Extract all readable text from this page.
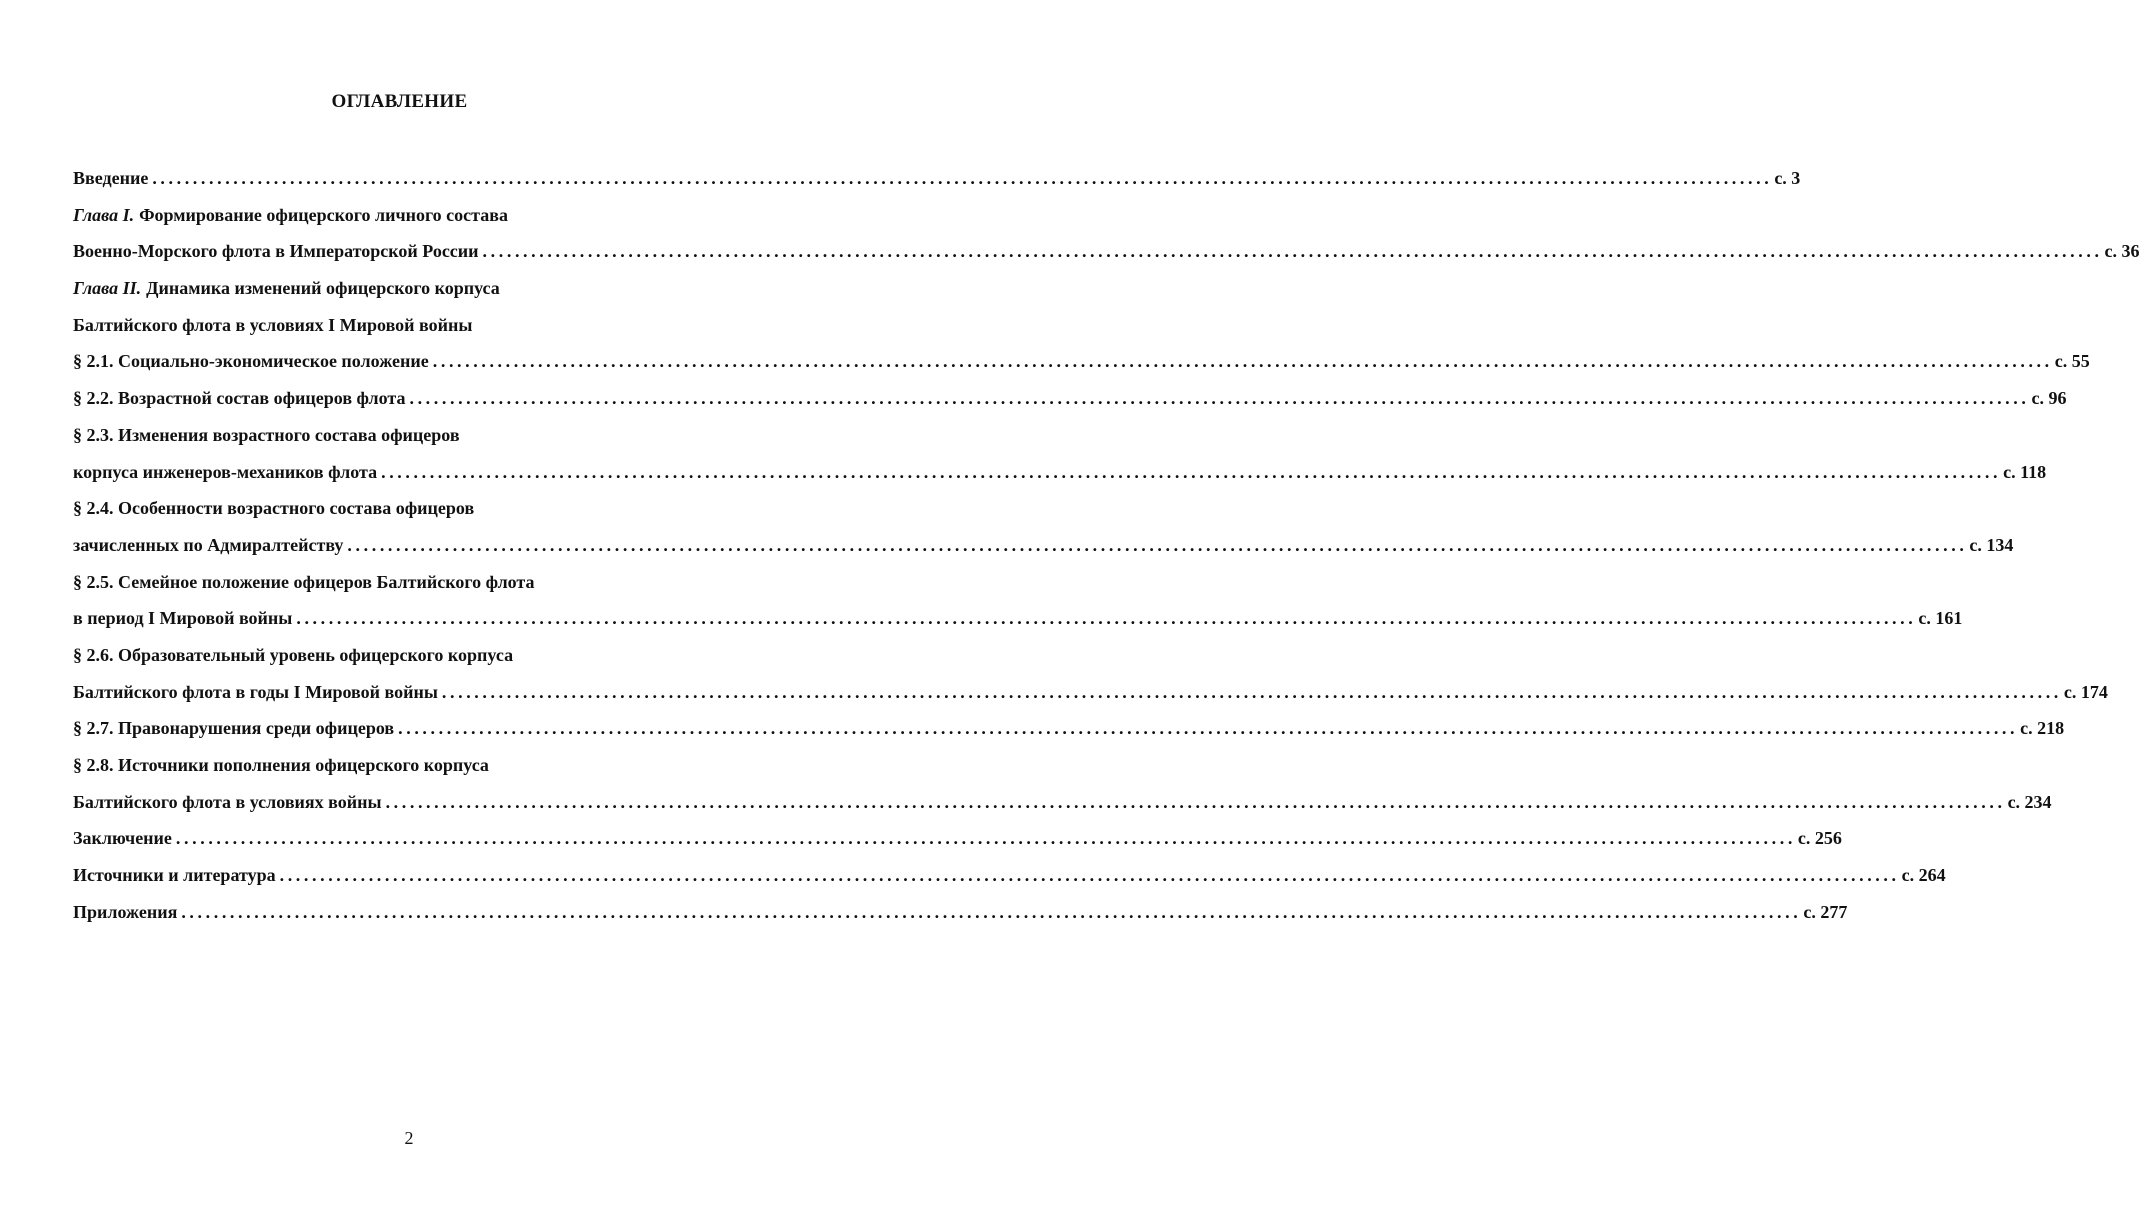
ОГЛАВЛЕНИЕ
Введение ........................................................................................................................................................................................................ с. 3
Глава I. Формирование офицерского личного состава
Военно-Морского флота в Императорской России ........................................................................................................................................................................................................ с. 36
Глава II. Динамика изменений офицерского корпуса
Балтийского флота в условиях I Мировой войны
§ 2.1. Социально-экономическое положение ........................................................................................................................................................................................................ с. 55
§ 2.2. Возрастной состав офицеров флота ........................................................................................................................................................................................................ с. 96
§ 2.3. Изменения возрастного состава офицеров
корпуса инженеров-механиков флота ........................................................................................................................................................................................................ с. 118
§ 2.4. Особенности возрастного состава офицеров
зачисленных по Адмиралтейству ........................................................................................................................................................................................................ с. 134
§ 2.5. Семейное положение офицеров Балтийского флота
в период I Мировой войны ........................................................................................................................................................................................................ с. 161
§ 2.6. Образовательный уровень офицерского корпуса
Балтийского флота в годы I Мировой войны ........................................................................................................................................................................................................ с. 174
§ 2.7. Правонарушения среди офицеров ........................................................................................................................................................................................................ с. 218
§ 2.8. Источники пополнения офицерского корпуса
Балтийского флота в условиях войны ........................................................................................................................................................................................................ с. 234
Заключение ........................................................................................................................................................................................................ с. 256
Источники и литература ........................................................................................................................................................................................................ с. 264
Приложения ........................................................................................................................................................................................................ с. 277
2
